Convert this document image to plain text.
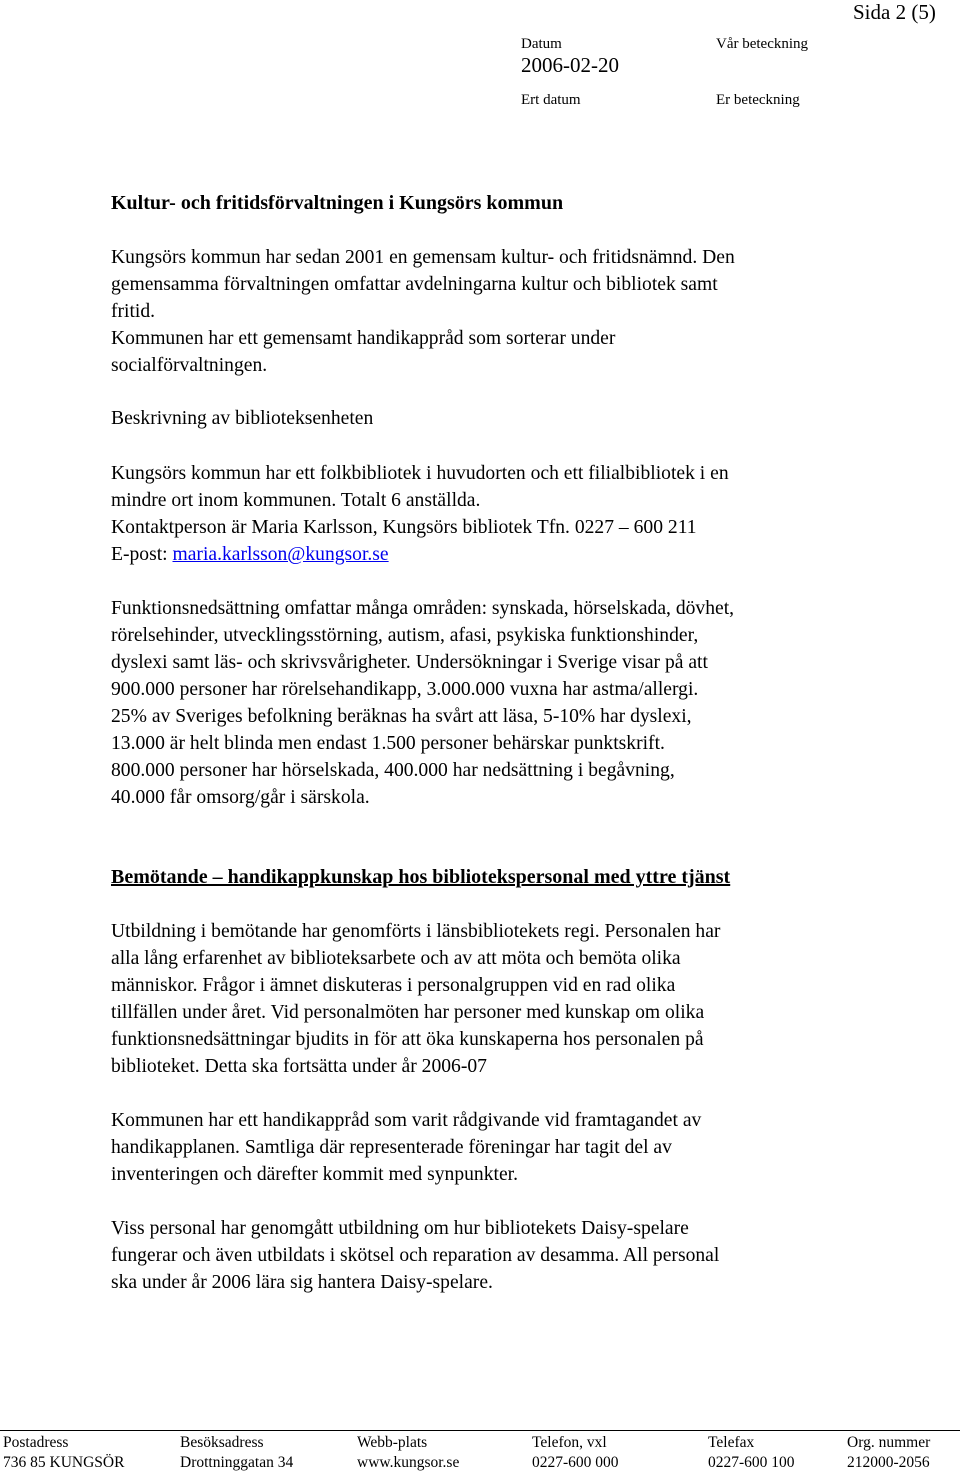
Sida 2 (5)
Datum	Vår beteckning
2006-02-20
Ert datum	Er beteckning
Kultur- och fritidsförvaltningen i Kungsörs kommun
Kungsörs kommun har sedan 2001 en gemensam kultur- och fritidsnämnd. Den
gemensamma förvaltningen omfattar avdelningarna kultur och bibliotek samt
fritid.
Kommunen har ett gemensamt handikappråd som sorterar under
socialförvaltningen.
Beskrivning av biblioteksenheten
Kungsörs kommun har ett folkbibliotek i huvudorten och ett filialbibliotek i en
mindre ort inom kommunen. Totalt 6 anställda.
Kontaktperson är Maria Karlsson, Kungsörs bibliotek Tfn. 0227 – 600 211
E-post: maria.karlsson@kungsor.se
Funktionsnedsättning omfattar många områden: synskada, hörselskada, dövhet,
rörelsehinder, utvecklingsstörning, autism, afasi, psykiska funktionshinder,
dyslexi samt läs- och skrivsvårigheter. Undersökningar i Sverige visar på att
900.000 personer har rörelsehandikapp, 3.000.000 vuxna har astma/allergi.
25% av Sveriges befolkning beräknas ha svårt att läsa, 5-10% har dyslexi,
13.000 är helt blinda men endast 1.500 personer behärskar punktskrift.
800.000 personer har hörselskada, 400.000 har nedsättning i begåvning,
40.000 får omsorg/går i särskola.
Bemötande – handikappkunskap hos bibliotekspersonal med yttre tjänst
Utbildning i bemötande har genomförts i länsbibliotekets regi. Personalen har
alla lång erfarenhet av biblioteksarbete och av att möta och bemöta olika
människor. Frågor i ämnet diskuteras i personalgruppen vid en rad olika
tillfällen under året. Vid personalmöten har personer med kunskap om olika
funktionsnedsättningar bjudits in för att öka kunskaperna hos personalen på
biblioteket. Detta ska fortsätta under år 2006-07
Kommunen har ett handikappråd som varit rådgivande vid framtagandet av
handikapplanen. Samtliga där representerade föreningar har tagit del av
inventeringen och därefter kommit med synpunkter.
Viss personal har genomgått utbildning om hur bibliotekets Daisy-spelare
fungerar och även utbildats i skötsel och reparation av desamma. All personal
ska under år 2006 lära sig hantera Daisy-spelare.
Postadress
736 85 KUNGSÖR
Besöksadress
Drottninggatan 34
Webb-plats
www.kungsor.se
Telefon, vxl
0227-600 000
Telefax
0227-600 100
Org. nummer
212000-2056
